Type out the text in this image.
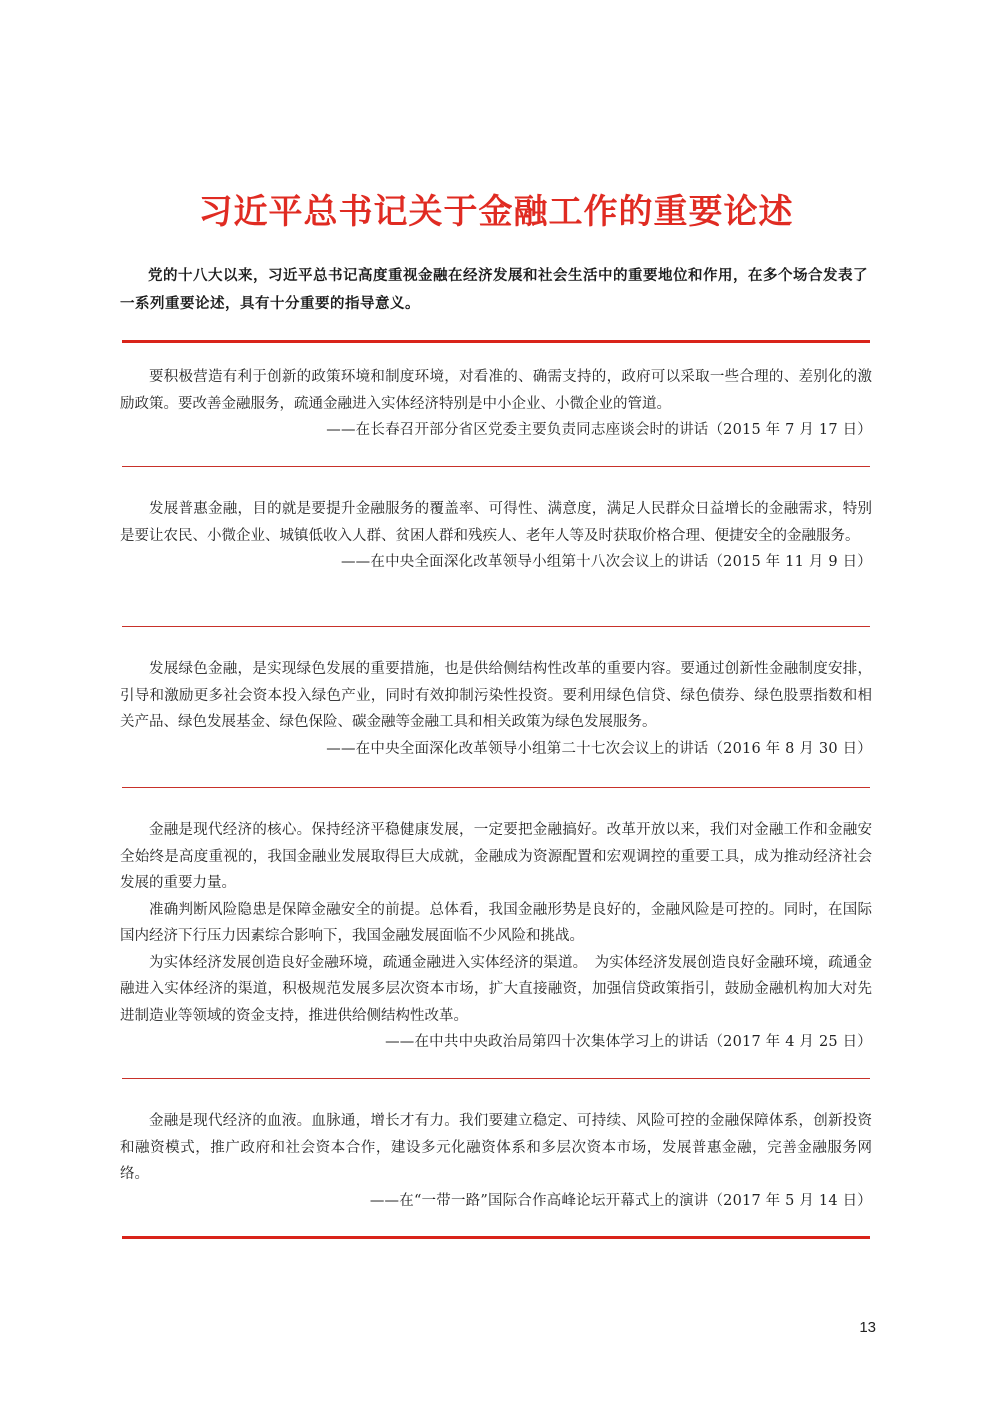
习近平总书记关于金融工作的重要论述
党的十八大以来，习近平总书记高度重视金融在经济发展和社会生活中的重要地位和作用，在多个场合发表了一系列重要论述，具有十分重要的指导意义。

要积极营造有利于创新的政策环境和制度环境，对看准的、确需支持的，政府可以采取一些合理的、差别化的激励政策。要改善金融服务，疏通金融进入实体经济特别是中小企业、小微企业的管道。

——在长春召开部分省区党委主要负责同志座谈会时的讲话（2015 年 7 月 17 日）

发展普惠金融，目的就是要提升金融服务的覆盖率、可得性、满意度，满足人民群众日益增长的金融需求，特别是要让农民、小微企业、城镇低收入人群、贫困人群和残疾人、老年人等及时获取价格合理、便捷安全的金融服务。

——在中央全面深化改革领导小组第十八次会议上的讲话（2015 年 11 月 9 日）

发展绿色金融，是实现绿色发展的重要措施，也是供给侧结构性改革的重要内容。要通过创新性金融制度安排，引导和激励更多社会资本投入绿色产业，同时有效抑制污染性投资。要利用绿色信贷、绿色债券、绿色股票指数和相关产品、绿色发展基金、绿色保险、碳金融等金融工具和相关政策为绿色发展服务。

——在中央全面深化改革领导小组第二十七次会议上的讲话（2016 年 8 月 30 日）

金融是现代经济的核心。保持经济平稳健康发展，一定要把金融搞好。改革开放以来，我们对金融工作和金融安全始终是高度重视的，我国金融业发展取得巨大成就，金融成为资源配置和宏观调控的重要工具，成为推动经济社会发展的重要力量。

准确判断风险隐患是保障金融安全的前提。总体看，我国金融形势是良好的，金融风险是可控的。同时，在国际国内经济下行压力因素综合影响下，我国金融发展面临不少风险和挑战。

为实体经济发展创造良好金融环境，疏通金融进入实体经济的渠道。　为实体经济发展创造良好金融环境，疏通金融进入实体经济的渠道，积极规范发展多层次资本市场，扩大直接融资，加强信贷政策指引，鼓励金融机构加大对先进制造业等领域的资金支持，推进供给侧结构性改革。

——在中共中央政治局第四十次集体学习上的讲话（2017 年 4 月 25 日）

金融是现代经济的血液。血脉通，增长才有力。我们要建立稳定、可持续、风险可控的金融保障体系，创新投资和融资模式，推广政府和社会资本合作，建设多元化融资体系和多层次资本市场，发展普惠金融，完善金融服务网络。

——在“一带一路”国际合作高峰论坛开幕式上的演讲（2017 年 5 月 14 日）

13
